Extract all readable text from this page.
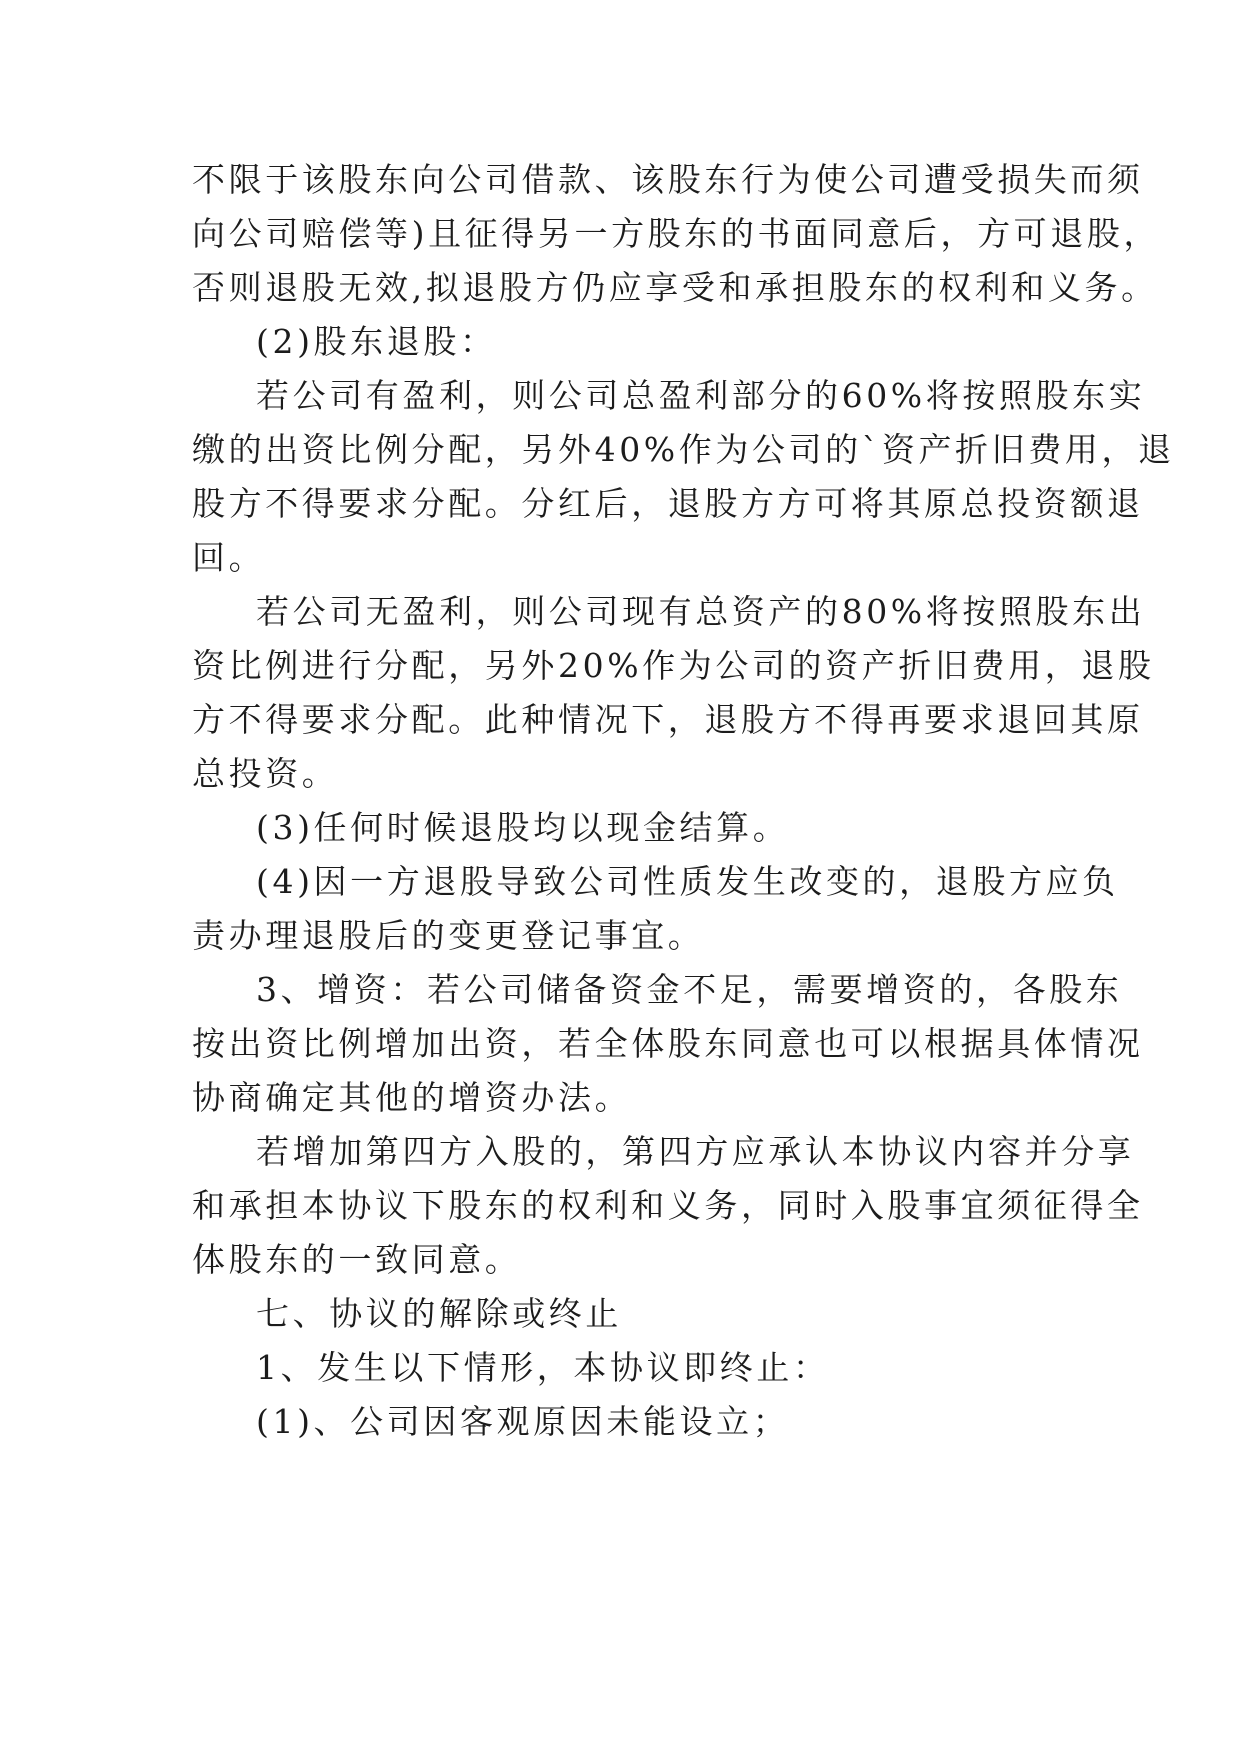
不限于该股东向公司借款、该股东行为使公司遭受损失而须
向公司赔偿等)且征得另一方股东的书面同意后，方可退股，
否则退股无效,拟退股方仍应享受和承担股东的权利和义务。
(2)股东退股：
若公司有盈利，则公司总盈利部分的60%将按照股东实
缴的出资比例分配，另外40%作为公司的`资产折旧费用，退
股方不得要求分配。分红后，退股方方可将其原总投资额退
回。
若公司无盈利，则公司现有总资产的80%将按照股东出
资比例进行分配，另外20%作为公司的资产折旧费用，退股
方不得要求分配。此种情况下，退股方不得再要求退回其原
总投资。
(3)任何时候退股均以现金结算。
(4)因一方退股导致公司性质发生改变的，退股方应负
责办理退股后的变更登记事宜。
3、增资：若公司储备资金不足，需要增资的，各股东
按出资比例增加出资，若全体股东同意也可以根据具体情况
协商确定其他的增资办法。
若增加第四方入股的，第四方应承认本协议内容并分享
和承担本协议下股东的权利和义务，同时入股事宜须征得全
体股东的一致同意。
七、协议的解除或终止
1、发生以下情形，本协议即终止：
(1)、公司因客观原因未能设立；
